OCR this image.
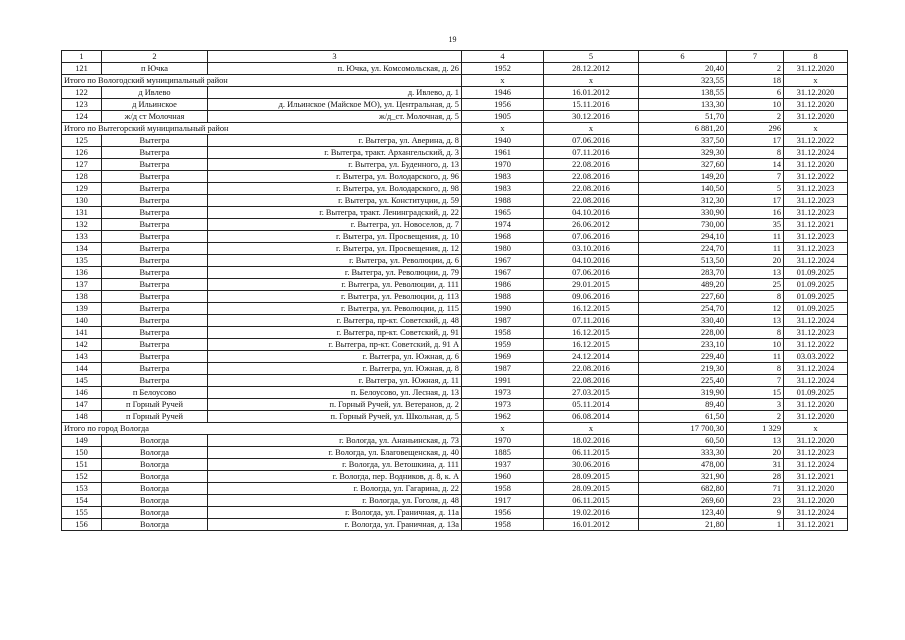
19
1	2	3	4	5	6	7	8
121	п Ючка	п. Ючка, ул. Комсомольская, д. 26	1952	28.12.2012	20,40	2	31.12.2020
Итого по Вологодский муниципальный район			х	х	323,55	18	х
122	д Ивлево	д. Ивлево, д. 1	1946	16.01.2012	138,55	6	31.12.2020
123	д Ильинское	д. Ильинское (Майское МО), ул. Центральная, д. 5	1956	15.11.2016	133,30	10	31.12.2020
124	ж/д ст Молочная	ж/д_ст. Молочная, д. 5	1905	30.12.2016	51,70	2	31.12.2020
Итого по Вытегорский муниципальный район			х	х	6 881,20	296	х
125	Вытегра	г. Вытегра, ул. Аверина, д. 8	1940	07.06.2016	337,50	17	31.12.2022
126	Вытегра	г. Вытегра, тракт. Архангельский, д. 3	1961	07.11.2016	329,30	8	31.12.2024
127	Вытегра	г. Вытегра, ул. Буденного, д. 13	1970	22.08.2016	327,60	14	31.12.2020
128	Вытегра	г. Вытегра, ул. Володарского, д. 96	1983	22.08.2016	149,20	7	31.12.2022
129	Вытегра	г. Вытегра, ул. Володарского, д. 98	1983	22.08.2016	140,50	5	31.12.2023
130	Вытегра	г. Вытегра, ул. Конституции, д. 59	1988	22.08.2016	312,30	17	31.12.2023
131	Вытегра	г. Вытегра, тракт. Ленинградский, д. 22	1965	04.10.2016	330,90	16	31.12.2023
132	Вытегра	г. Вытегра, ул. Новоселов, д. 7	1974	26.06.2012	730,00	35	31.12.2021
133	Вытегра	г. Вытегра, ул. Просвещения, д. 10	1968	07.06.2016	294,10	11	31.12.2023
134	Вытегра	г. Вытегра, ул. Просвещения, д. 12	1980	03.10.2016	224,70	11	31.12.2023
135	Вытегра	г. Вытегра, ул. Революции, д. 6	1967	04.10.2016	513,50	20	31.12.2024
136	Вытегра	г. Вытегра, ул. Революции, д. 79	1967	07.06.2016	283,70	13	01.09.2025
137	Вытегра	г. Вытегра, ул. Революции, д. 111	1986	29.01.2015	489,20	25	01.09.2025
138	Вытегра	г. Вытегра, ул. Революции, д. 113	1988	09.06.2016	227,60	8	01.09.2025
139	Вытегра	г. Вытегра, ул. Революции, д. 115	1990	16.12.2015	254,70	12	01.09.2025
140	Вытегра	г. Вытегра, пр-кт. Советский, д. 48	1987	07.11.2016	330,40	13	31.12.2024
141	Вытегра	г. Вытегра, пр-кт. Советский, д. 91	1958	16.12.2015	228,00	8	31.12.2023
142	Вытегра	г. Вытегра, пр-кт. Советский, д. 91 А	1959	16.12.2015	233,10	10	31.12.2022
143	Вытегра	г. Вытегра, ул. Южная, д. 6	1969	24.12.2014	229,40	11	03.03.2022
144	Вытегра	г. Вытегра, ул. Южная, д. 8	1987	22.08.2016	219,30	8	31.12.2024
145	Вытегра	г. Вытегра, ул. Южная, д. 11	1991	22.08.2016	225,40	7	31.12.2024
146	п Белоусово	п. Белоусово, ул. Лесная, д. 13	1973	27.03.2015	319,90	15	01.09.2025
147	п Горный Ручей	п. Горный Ручей, ул. Ветеранов, д. 2	1973	05.11.2014	89,40	3	31.12.2020
148	п Горный Ручей	п. Горный Ручей, ул. Школьная, д. 5	1962	06.08.2014	61,50	2	31.12.2020
Итого по город Вологда			х	х	17 700,30	1 329	х
149	Вологда	г. Вологда, ул. Ананьинская, д. 73	1970	18.02.2016	60,50	13	31.12.2020
150	Вологда	г. Вологда, ул. Благовещенская, д. 40	1885	06.11.2015	333,30	20	31.12.2023
151	Вологда	г. Вологда, ул. Ветошкина, д. 111	1937	30.06.2016	478,00	31	31.12.2024
152	Вологда	г. Вологда, пер. Водников, д. 8, к. А	1960	28.09.2015	321,90	28	31.12.2021
153	Вологда	г. Вологда, ул. Гагарина, д. 22	1958	28.09.2015	682,80	71	31.12.2020
154	Вологда	г. Вологда, ул. Гоголя, д. 48	1917	06.11.2015	269,60	23	31.12.2020
155	Вологда	г. Вологда, ул. Граничная, д. 11а	1956	19.02.2016	123,40	9	31.12.2024
156	Вологда	г. Вологда, ул. Граничная, д. 13а	1958	16.01.2012	21,80	1	31.12.2021
